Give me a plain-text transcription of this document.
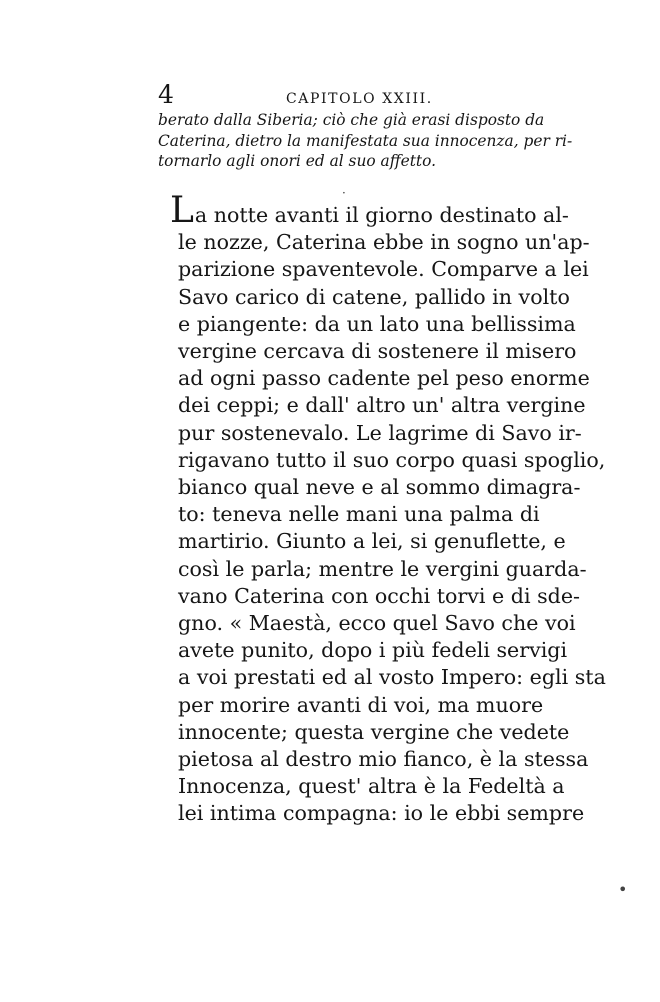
4	CAPITOLO XXIII.
berato dalla Siberia; ciò che già erasi disposto da
Caterina, dietro la manifestata sua innocenza, per ri-
tornarlo agli onori ed al suo affetto.
La notte avanti il giorno destinato al-
le nozze, Caterina ebbe in sogno un'ap-
parizione spaventevole. Comparve a lei
Savo carico di catene, pallido in volto
e piangente: da un lato una bellissima
vergine cercava di sostenere il misero
ad ogni passo cadente pel peso enorme
dei ceppi; e dall' altro un' altra vergine
pur sostenevalo. Le lagrime di Savo ir-
rigavano tutto il suo corpo quasi spoglio,
bianco qual neve e al sommo dimagra-
to: teneva nelle mani una palma di
martirio. Giunto a lei, si genuflette, e
così le parla; mentre le vergini guarda-
vano Caterina con occhi torvi e di sde-
gno. « Maestà, ecco quel Savo che voi
avete punito, dopo i più fedeli servigi
a voi prestati ed al vosto Impero: egli sta
per morire avanti di voi, ma muore
innocente; questa vergine che vedete
pietosa al destro mio fianco, è la stessa
Innocenza, quest' altra è la Fedeltà a
lei intima compagna: io le ebbi sempre
·
•
